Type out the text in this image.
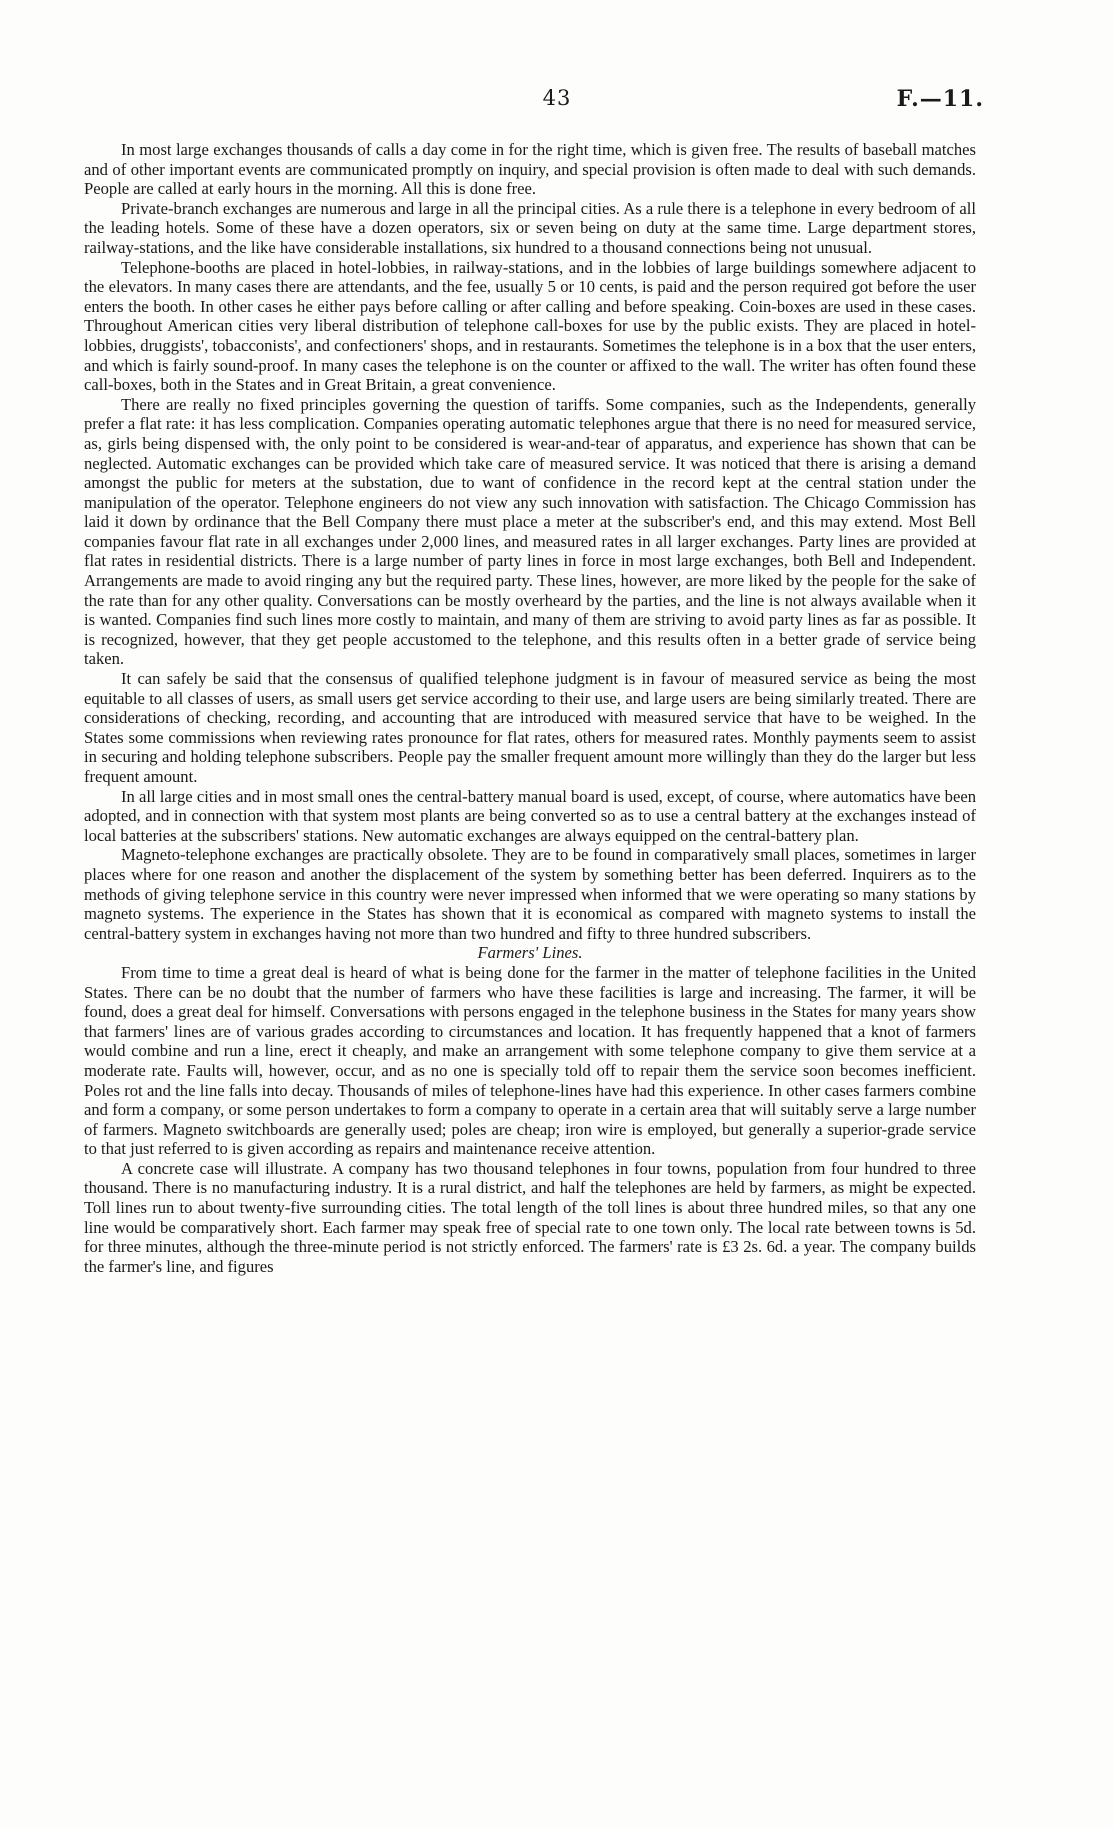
43	F.—11.

In most large exchanges thousands of calls a day come in for the right time, which is given free. The results of baseball matches and of other important events are communicated promptly on inquiry, and special provision is often made to deal with such demands. People are called at early hours in the morning. All this is done free.

Private-branch exchanges are numerous and large in all the principal cities. As a rule there is a telephone in every bedroom of all the leading hotels. Some of these have a dozen operators, six or seven being on duty at the same time. Large department stores, railway-stations, and the like have considerable installations, six hundred to a thousand connections being not unusual.

Telephone-booths are placed in hotel-lobbies, in railway-stations, and in the lobbies of large buildings somewhere adjacent to the elevators. In many cases there are attendants, and the fee, usually 5 or 10 cents, is paid and the person required got before the user enters the booth. In other cases he either pays before calling or after calling and before speaking. Coin-boxes are used in these cases. Throughout American cities very liberal distribution of telephone call-boxes for use by the public exists. They are placed in hotel-lobbies, druggists', tobacconists', and confectioners' shops, and in restaurants. Sometimes the telephone is in a box that the user enters, and which is fairly sound-proof. In many cases the telephone is on the counter or affixed to the wall. The writer has often found these call-boxes, both in the States and in Great Britain, a great convenience.

There are really no fixed principles governing the question of tariffs. Some companies, such as the Independents, generally prefer a flat rate: it has less complication. Companies operating automatic telephones argue that there is no need for measured service, as, girls being dispensed with, the only point to be considered is wear-and-tear of apparatus, and experience has shown that can be neglected. Automatic exchanges can be provided which take care of measured service. It was noticed that there is arising a demand amongst the public for meters at the substation, due to want of confidence in the record kept at the central station under the manipulation of the operator. Telephone engineers do not view any such innovation with satisfaction. The Chicago Commission has laid it down by ordinance that the Bell Company there must place a meter at the subscriber's end, and this may extend. Most Bell companies favour flat rate in all exchanges under 2,000 lines, and measured rates in all larger exchanges. Party lines are provided at flat rates in residential districts. There is a large number of party lines in force in most large exchanges, both Bell and Independent. Arrangements are made to avoid ringing any but the required party. These lines, however, are more liked by the people for the sake of the rate than for any other quality. Conversations can be mostly overheard by the parties, and the line is not always available when it is wanted. Companies find such lines more costly to maintain, and many of them are striving to avoid party lines as far as possible. It is recognized, however, that they get people accustomed to the telephone, and this results often in a better grade of service being taken.

It can safely be said that the consensus of qualified telephone judgment is in favour of measured service as being the most equitable to all classes of users, as small users get service according to their use, and large users are being similarly treated. There are considerations of checking, recording, and accounting that are introduced with measured service that have to be weighed. In the States some commissions when reviewing rates pronounce for flat rates, others for measured rates. Monthly payments seem to assist in securing and holding telephone subscribers. People pay the smaller frequent amount more willingly than they do the larger but less frequent amount.

In all large cities and in most small ones the central-battery manual board is used, except, of course, where automatics have been adopted, and in connection with that system most plants are being converted so as to use a central battery at the exchanges instead of local batteries at the subscribers' stations. New automatic exchanges are always equipped on the central-battery plan.

Magneto-telephone exchanges are practically obsolete. They are to be found in comparatively small places, sometimes in larger places where for one reason and another the displacement of the system by something better has been deferred. Inquirers as to the methods of giving telephone service in this country were never impressed when informed that we were operating so many stations by magneto systems. The experience in the States has shown that it is economical as compared with magneto systems to install the central-battery system in exchanges having not more than two hundred and fifty to three hundred subscribers.

Farmers' Lines.

From time to time a great deal is heard of what is being done for the farmer in the matter of telephone facilities in the United States. There can be no doubt that the number of farmers who have these facilities is large and increasing. The farmer, it will be found, does a great deal for himself. Conversations with persons engaged in the telephone business in the States for many years show that farmers' lines are of various grades according to circumstances and location. It has frequently happened that a knot of farmers would combine and run a line, erect it cheaply, and make an arrangement with some telephone company to give them service at a moderate rate. Faults will, however, occur, and as no one is specially told off to repair them the service soon becomes inefficient. Poles rot and the line falls into decay. Thousands of miles of telephone-lines have had this experience. In other cases farmers combine and form a company, or some person undertakes to form a company to operate in a certain area that will suitably serve a large number of farmers. Magneto switchboards are generally used; poles are cheap; iron wire is employed, but generally a superior-grade service to that just referred to is given according as repairs and maintenance receive attention.

A concrete case will illustrate. A company has two thousand telephones in four towns, population from four hundred to three thousand. There is no manufacturing industry. It is a rural district, and half the telephones are held by farmers, as might be expected. Toll lines run to about twenty-five surrounding cities. The total length of the toll lines is about three hundred miles, so that any one line would be comparatively short. Each farmer may speak free of special rate to one town only. The local rate between towns is 5d. for three minutes, although the three-minute period is not strictly enforced. The farmers' rate is £3 2s. 6d. a year. The company builds the farmer's line, and figures
